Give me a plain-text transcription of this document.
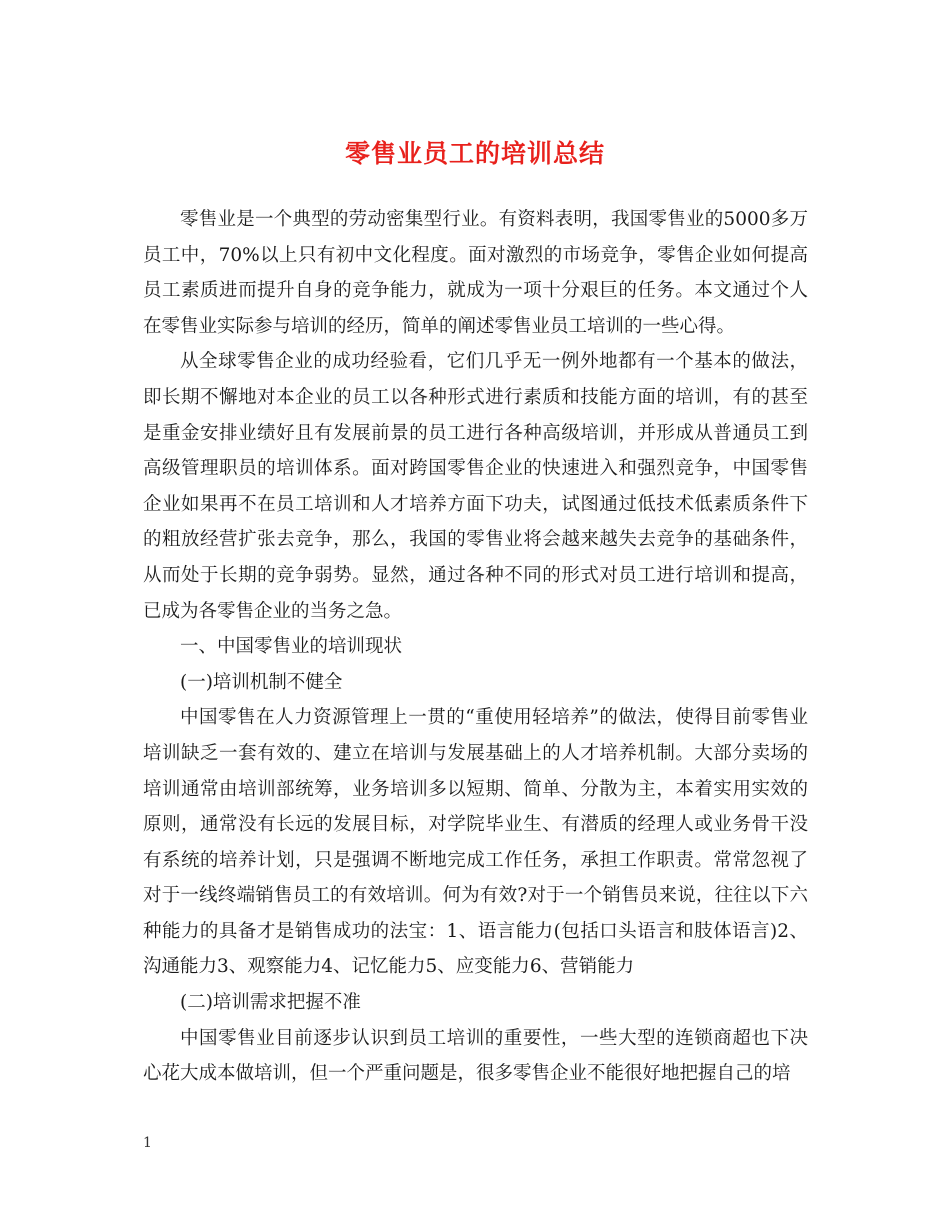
零售业员工的培训总结

零售业是一个典型的劳动密集型行业。有资料表明，我国零售业的5000多万员工中，70%以上只有初中文化程度。面对激烈的市场竞争，零售企业如何提高员工素质进而提升自身的竞争能力，就成为一项十分艰巨的任务。本文通过个人在零售业实际参与培训的经历，简单的阐述零售业员工培训的一些心得。

从全球零售企业的成功经验看，它们几乎无一例外地都有一个基本的做法，即长期不懈地对本企业的员工以各种形式进行素质和技能方面的培训，有的甚至是重金安排业绩好且有发展前景的员工进行各种高级培训，并形成从普通员工到高级管理职员的培训体系。面对跨国零售企业的快速进入和强烈竞争，中国零售企业如果再不在员工培训和人才培养方面下功夫，试图通过低技术低素质条件下的粗放经营扩张去竞争，那么，我国的零售业将会越来越失去竞争的基础条件，从而处于长期的竞争弱势。显然，通过各种不同的形式对员工进行培训和提高，已成为各零售企业的当务之急。

一、中国零售业的培训现状

(一)培训机制不健全

中国零售在人力资源管理上一贯的“重使用轻培养”的做法，使得目前零售业培训缺乏一套有效的、建立在培训与发展基础上的人才培养机制。大部分卖场的培训通常由培训部统筹，业务培训多以短期、简单、分散为主，本着实用实效的原则，通常没有长远的发展目标，对学院毕业生、有潜质的经理人或业务骨干没有系统的培养计划，只是强调不断地完成工作任务，承担工作职责。常常忽视了对于一线终端销售员工的有效培训。何为有效?对于一个销售员来说，往往以下六种能力的具备才是销售成功的法宝：1、语言能力(包括口头语言和肢体语言)2、沟通能力3、观察能力4、记忆能力5、应变能力6、营销能力

(二)培训需求把握不准

中国零售业目前逐步认识到员工培训的重要性，一些大型的连锁商超也下决心花大成本做培训，但一个严重问题是，很多零售企业不能很好地把握自己的培

1
